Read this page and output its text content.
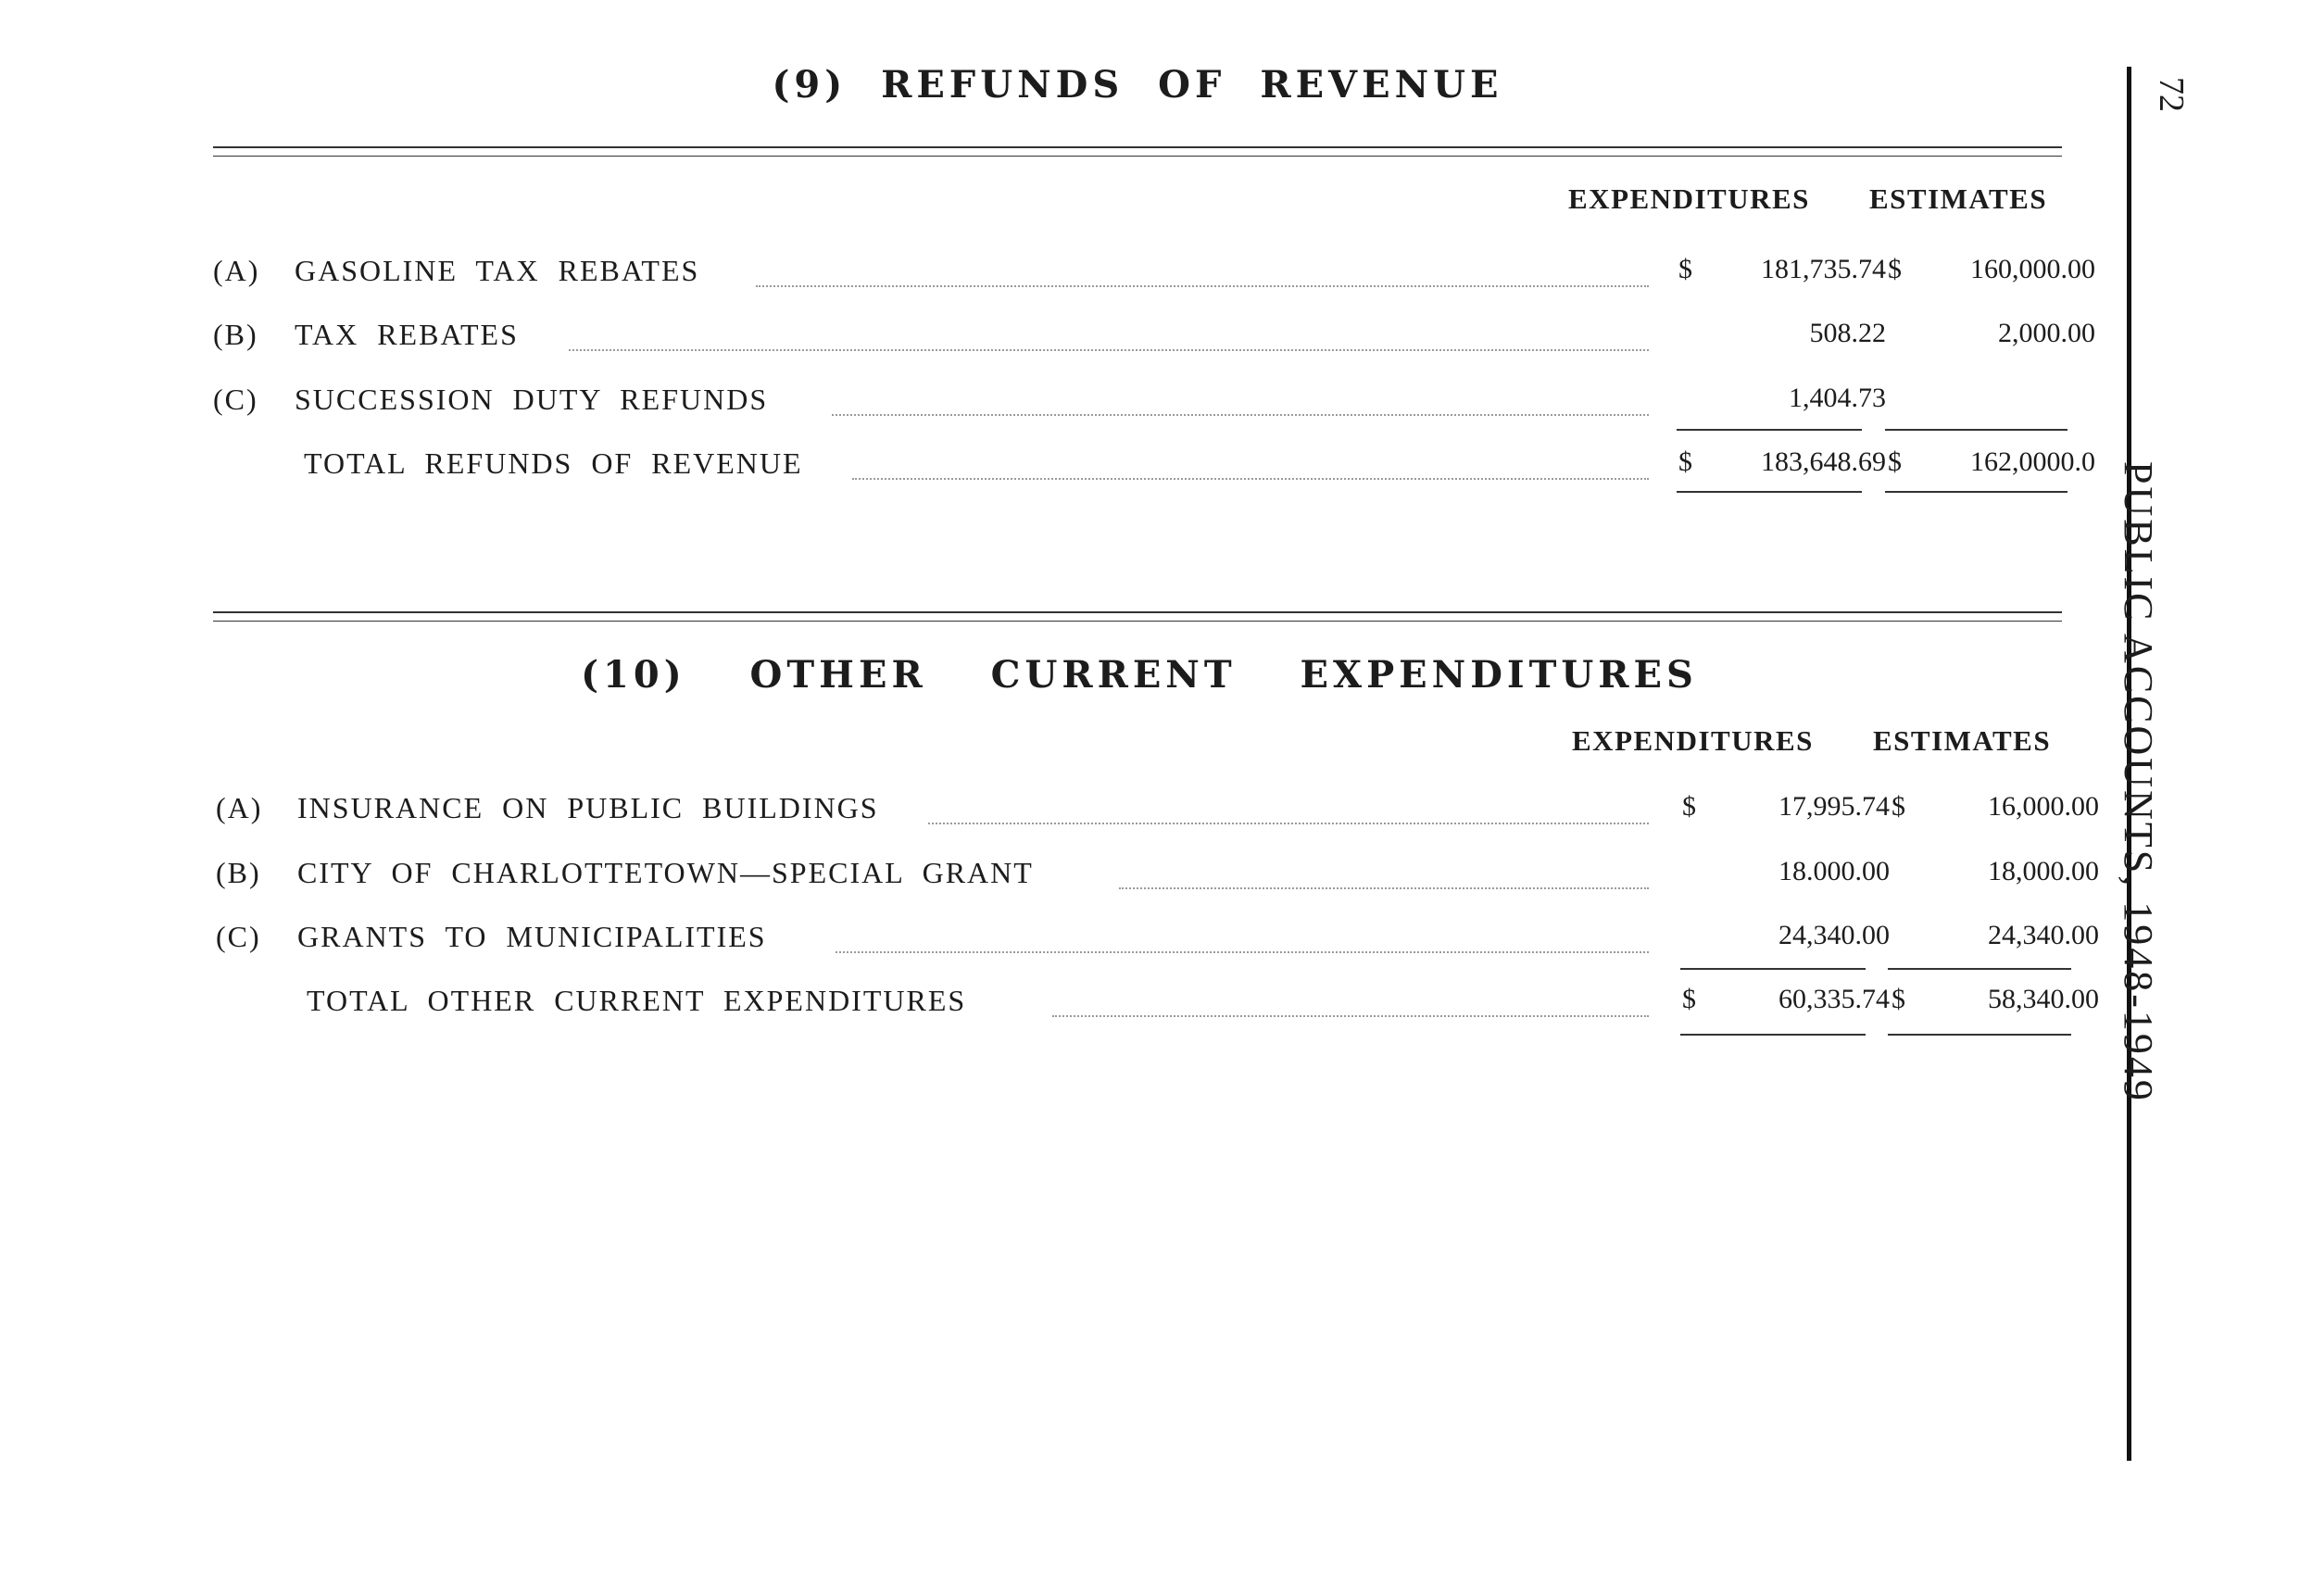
(9) REFUNDS OF REVENUE
EXPENDITURES ESTIMATES
(A) GASOLINE TAX REBATES	$	181,735.74 $	160,000.00
(B) TAX REBATES	508.22	2,000.00
(C) SUCCESSION DUTY REFUNDS	1,404.73
TOTAL REFUNDS OF REVENUE	$	183,648.69 $	162,0000.0
(10) OTHER CURRENT EXPENDITURES
EXPENDITURES ESTIMATES
(A) INSURANCE ON PUBLIC BUILDINGS	$	17,995.74 $	16,000.00
(B) CITY OF CHARLOTTETOWN—SPECIAL GRANT	18.000.00	18,000.00
(C) GRANTS TO MUNICIPALITIES	24,340.00	24,340.00
TOTAL OTHER CURRENT EXPENDITURES	$	60,335.74 $	58,340.00
72
PUBLIC ACCOUNTS, 1948-1949
